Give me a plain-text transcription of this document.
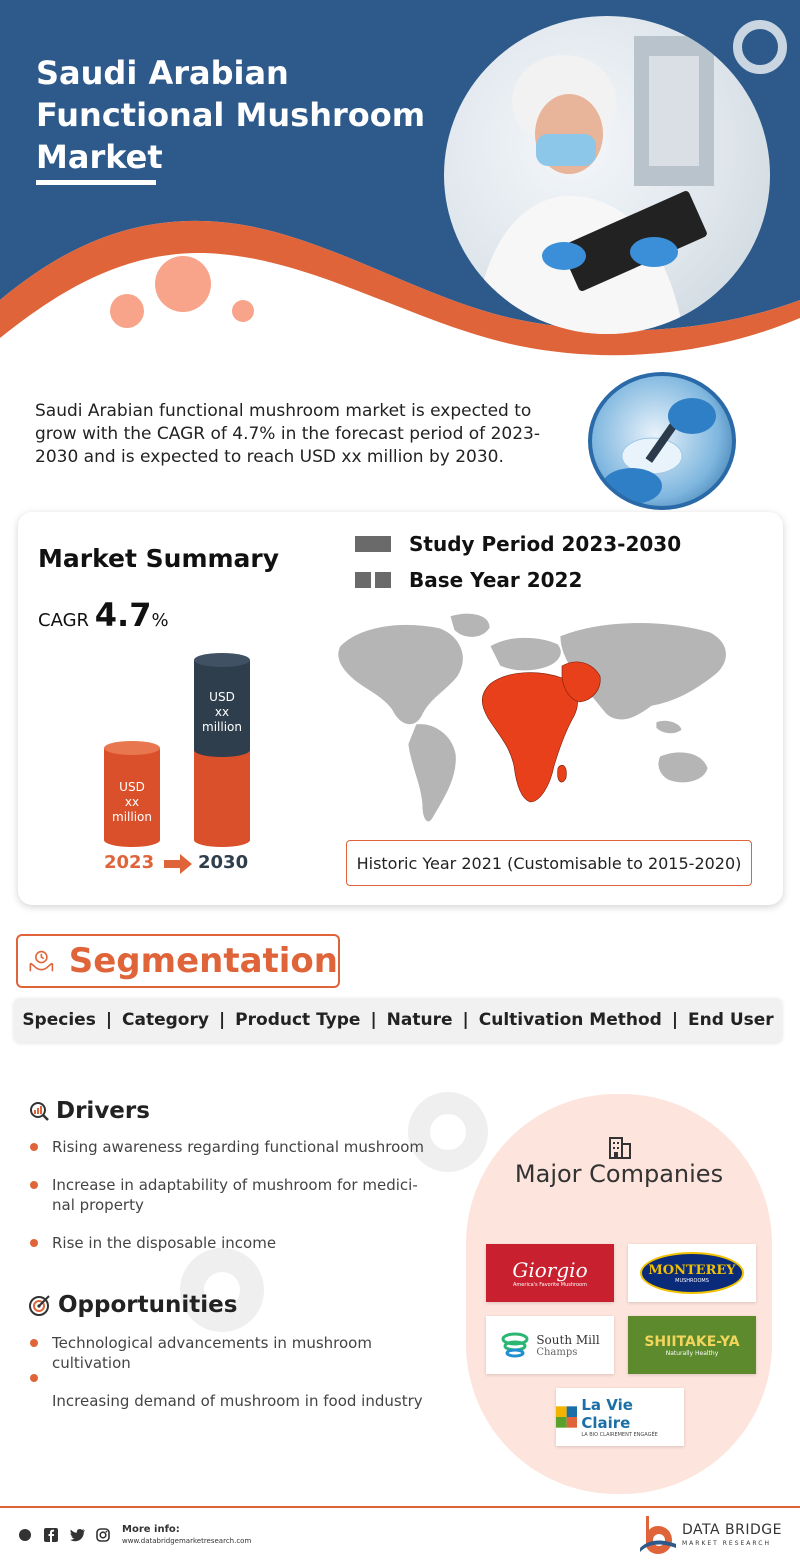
Saudi Arabian
Functional Mushroom
Market
Saudi Arabian functional mushroom market is expected to grow with the CAGR of 4.7% in the forecast period of 2023-2030 and is expected to reach USD xx million by 2030.
Market Summary
CAGR 4.7%
Study Period 2023-2030
Base Year 2022
USD
xx
million
USD
xx
million
2023 2030	Historic Year 2021 (Customisable to 2015-2020)
Segmentation
Species | Category | Product Type | Nature | Cultivation Method | End User
Drivers
Rising awareness regarding functional mushroom
Increase in adaptability of mushroom for medici-nal property
Rise in the disposable income
Opportunities
Technological advancements in mushroom cultivation
Increasing demand of mushroom in food industry
Major Companies
Giorgio
America's Favorite Mushroom
MONTEREY
MUSHROOMS
South Mill
Champs
SHIITAKE-YA
Naturally Healthy
La Vie Claire
LA BIO CLAIREMENT ENGAGÉE
More info:
www.databridgemarketresearch.com
DATA BRIDGE
MARKET RESEARCH
